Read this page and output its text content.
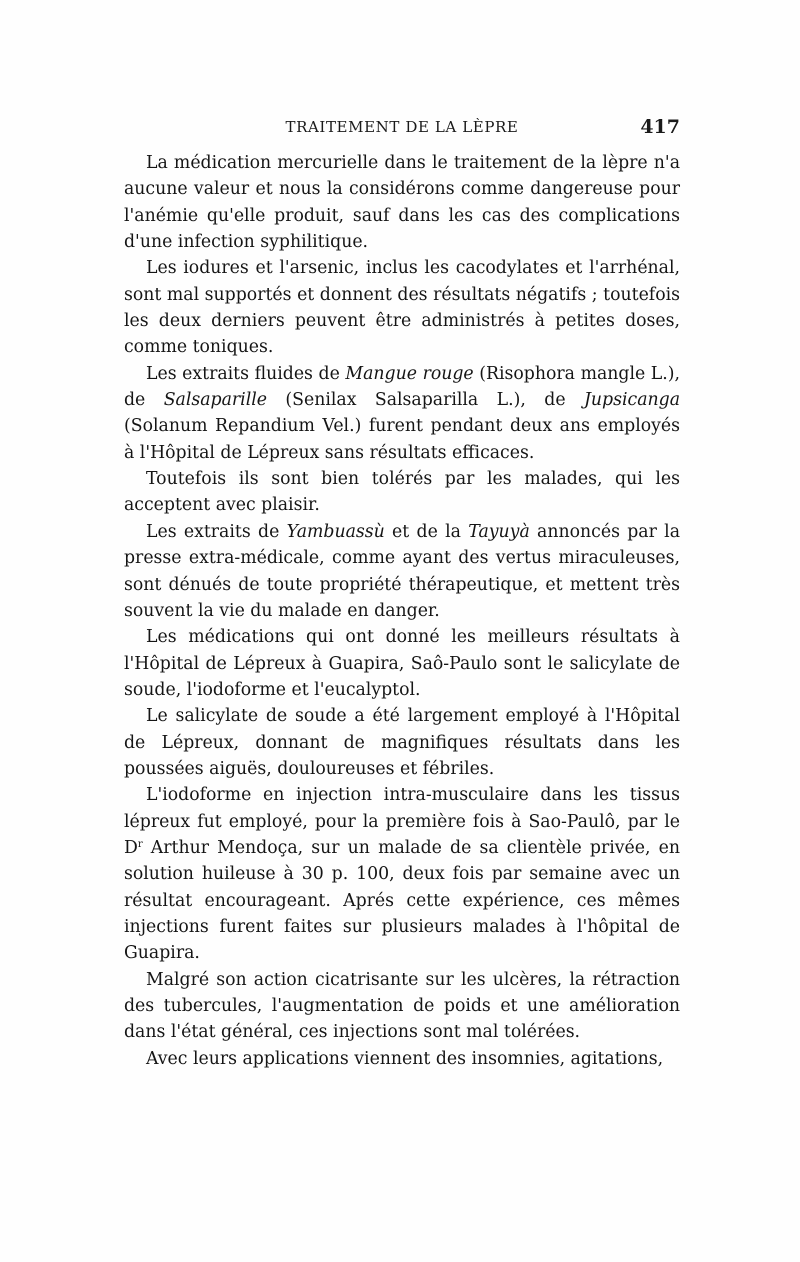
TRAITEMENT DE LA LÈPRE	417

La médication mercurielle dans le traitement de la lèpre n'a aucune valeur et nous la considérons comme dangereuse pour l'anémie qu'elle produit, sauf dans les cas des complications d'une infection syphilitique.

Les iodures et l'arsenic, inclus les cacodylates et l'arrhénal, sont mal supportés et donnent des résultats négatifs ; toutefois les deux derniers peuvent être administrés à petites doses, comme toniques.

Les extraits fluides de Mangue rouge (Risophora mangle L.), de Salsaparille (Senilax Salsaparilla L.), de Jupsicanga (Solanum Repandium Vel.) furent pendant deux ans employés à l'Hôpital de Lépreux sans résultats efficaces.

Toutefois ils sont bien tolérés par les malades, qui les acceptent avec plaisir.

Les extraits de Yambuassù et de la Tayuyà annoncés par la presse extra-médicale, comme ayant des vertus miraculeuses, sont dénués de toute propriété thérapeutique, et mettent très souvent la vie du malade en danger.

Les médications qui ont donné les meilleurs résultats à l'Hôpital de Lépreux à Guapira, Saô-Paulo sont le salicylate de soude, l'iodoforme et l'eucalyptol.

Le salicylate de soude a été largement employé à l'Hôpital de Lépreux, donnant de magnifiques résultats dans les poussées aiguës, douloureuses et fébriles.

L'iodoforme en injection intra-musculaire dans les tissus lépreux fut employé, pour la première fois à Sao-Paulô, par le $D^r$ Arthur Mendoça, sur un malade de sa clientèle privée, en solution huileuse à 30 p. 100, deux fois par semaine avec un résultat encourageant. Aprés cette expérience, ces mêmes injections furent faites sur plusieurs malades à l'hôpital de Guapira.

Malgré son action cicatrisante sur les ulcères, la rétraction des tubercules, l'augmentation de poids et une amélioration dans l'état général, ces injections sont mal tolérées.

Avec leurs applications viennent des insomnies, agitations,
